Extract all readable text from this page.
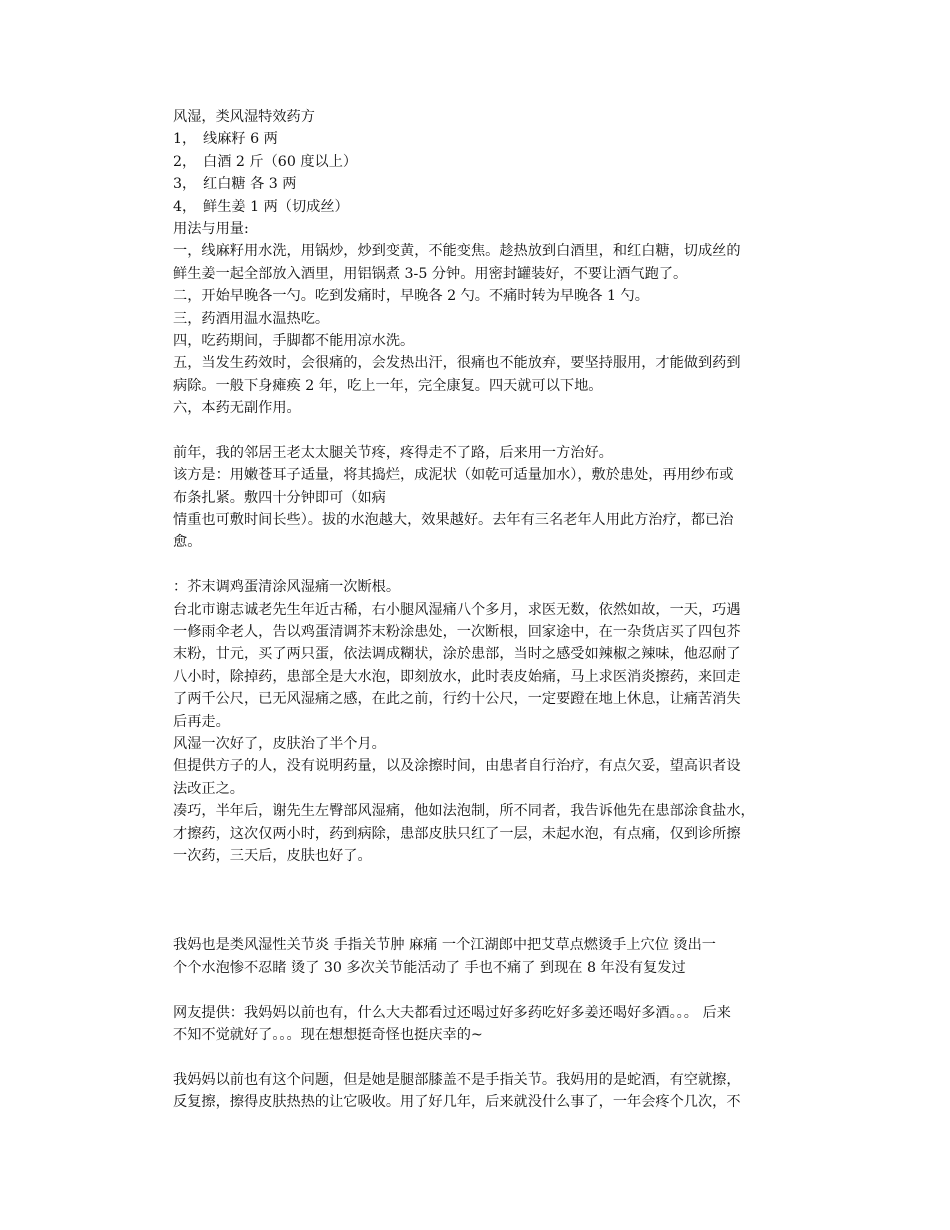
风湿，类风湿特效药方
1， 线麻籽 6 两
2， 白酒 2 斤（60 度以上）
3， 红白糖 各 3 两
4， 鲜生姜 1 两（切成丝）
用法与用量:
一，线麻籽用水洗，用锅炒，炒到变黄，不能变焦。趁热放到白酒里，和红白糖，切成丝的
鲜生姜一起全部放入酒里，用铝锅煮 3-5 分钟。用密封罐装好，不要让酒气跑了。
二，开始早晚各一勺。吃到发痛时，早晚各 2 勺。不痛时转为早晚各 1 勺。
三，药酒用温水温热吃。
四，吃药期间，手脚都不能用凉水洗。
五，当发生药效时，会很痛的，会发热出汗，很痛也不能放弃，要坚持服用，才能做到药到
病除。一般下身瘫痪 2 年，吃上一年，完全康复。四天就可以下地。
六，本药无副作用。
前年，我的邻居王老太太腿关节疼，疼得走不了路，后来用一方治好。
该方是：用嫩苍耳子适量，将其捣烂，成泥状（如乾可适量加水），敷於患处，再用纱布或
布条扎紧。敷四十分钟即可（如病
情重也可敷时间长些）。拔的水泡越大，效果越好。去年有三名老年人用此方治疗，都已治
愈。
：芥末调鸡蛋清涂风湿痛一次断根。
台北市谢志诚老先生年近古稀，右小腿风湿痛八个多月，求医无数，依然如故，一天，巧遇
一修雨伞老人，告以鸡蛋清调芥末粉涂患处，一次断根，回家途中，在一杂货店买了四包芥
末粉，廿元，买了两只蛋，依法调成糊状，涂於患部，当时之感受如辣椒之辣味，他忍耐了
八小时，除掉药，患部全是大水泡，即刻放水，此时表皮始痛，马上求医消炎擦药，来回走
了两千公尺，已无风湿痛之感，在此之前，行约十公尺，一定要蹬在地上休息，让痛苦消失
后再走。
风湿一次好了，皮肤治了半个月。
但提供方子的人，没有说明药量，以及涂擦时间，由患者自行治疗，有点欠妥，望高识者设
法改正之。
凑巧，半年后，谢先生左臀部风湿痛，他如法泡制，所不同者，我告诉他先在患部涂食盐水，
才擦药，这次仅两小时，药到病除，患部皮肤只红了一层，未起水泡，有点痛，仅到诊所擦
一次药，三天后，皮肤也好了。
我妈也是类风湿性关节炎 手指关节肿 麻痛 一个江湖郎中把艾草点燃烫手上穴位 烫出一
个个水泡惨不忍睹 烫了 30 多次关节能活动了 手也不痛了 到现在 8 年没有复发过
网友提供：我妈妈以前也有，什么大夫都看过还喝过好多药吃好多姜还喝好多酒。。。 后来
不知不觉就好了。。。现在想想挺奇怪也挺庆幸的~
我妈妈以前也有这个问题，但是她是腿部膝盖不是手指关节。我妈用的是蛇酒，有空就擦，
反复擦，擦得皮肤热热的让它吸收。用了好几年，后来就没什么事了，一年会疼个几次，不
